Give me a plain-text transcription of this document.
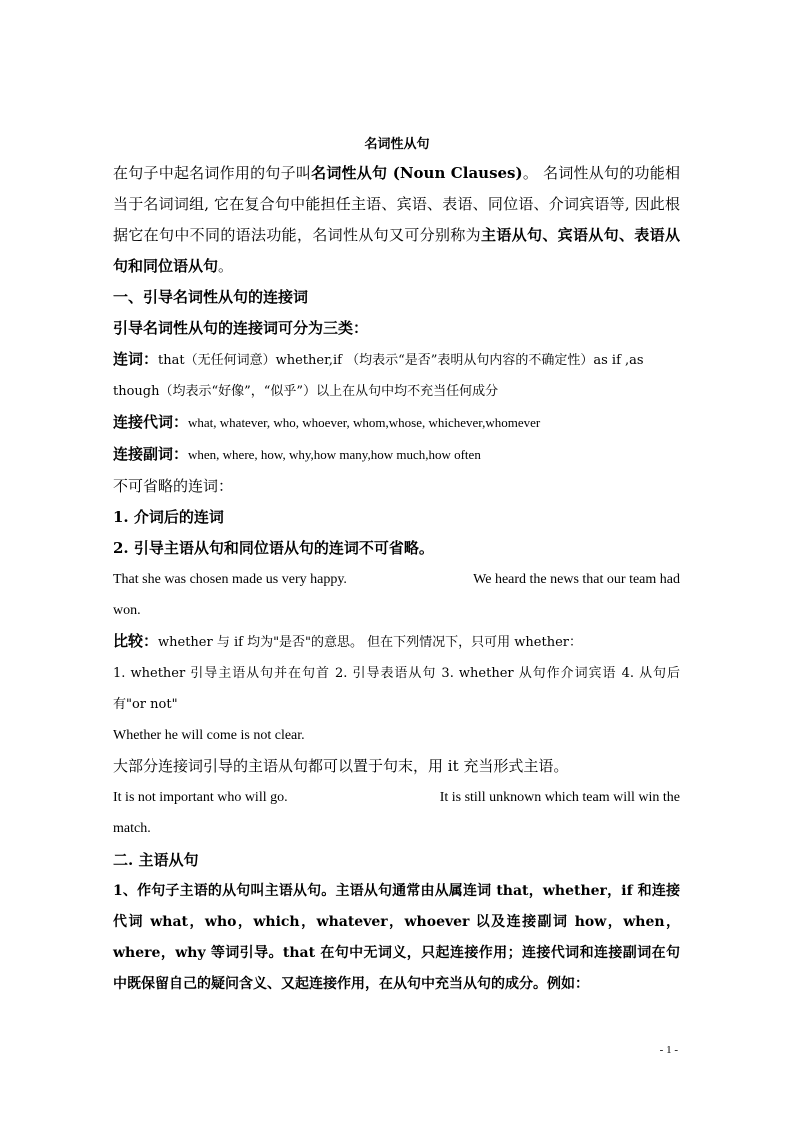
名词性从句

在句子中起名词作用的句子叫名词性从句 (Noun Clauses)。 名词性从句的功能相当于名词词组, 它在复合句中能担任主语、宾语、表语、同位语、介词宾语等, 因此根据它在句中不同的语法功能，名词性从句又可分别称为主语从句、宾语从句、表语从句和同位语从句。

一、引导名词性从句的连接词

引导名词性从句的连接词可分为三类：

连词：that（无任何词意）whether,if （均表示“是否”表明从句内容的不确定性）as if ,as though（均表示“好像”，“似乎”）以上在从句中均不充当任何成分

连接代词：what, whatever, who, whoever, whom,whose, whichever,whomever

连接副词：when, where, how, why,how many,how much,how often

不可省略的连词：

1. 介词后的连词

2. 引导主语从句和同位语从句的连词不可省略。

That she was chosen made us very happy.	We heard the news that our team had

won.

比较：whether 与 if 均为"是否"的意思。 但在下列情况下，只可用 whether：

1. whether 引导主语从句并在句首 2. 引导表语从句 3. whether 从句作介词宾语 4. 从句后有"or not"

Whether he will come is not clear.

大部分连接词引导的主语从句都可以置于句末，用 it 充当形式主语。

It is not important who will go.	It is still unknown which team will win the

match.

二. 主语从句

1、作句子主语的从句叫主语从句。主语从句通常由从属连词 that，whether，if 和连接代词 what，who，which，whatever，whoever 以及连接副词 how，when，where，why 等词引导。that 在句中无词义，只起连接作用；连接代词和连接副词在句中既保留自己的疑问含义、又起连接作用，在从句中充当从句的成分。例如：

- 1 -
